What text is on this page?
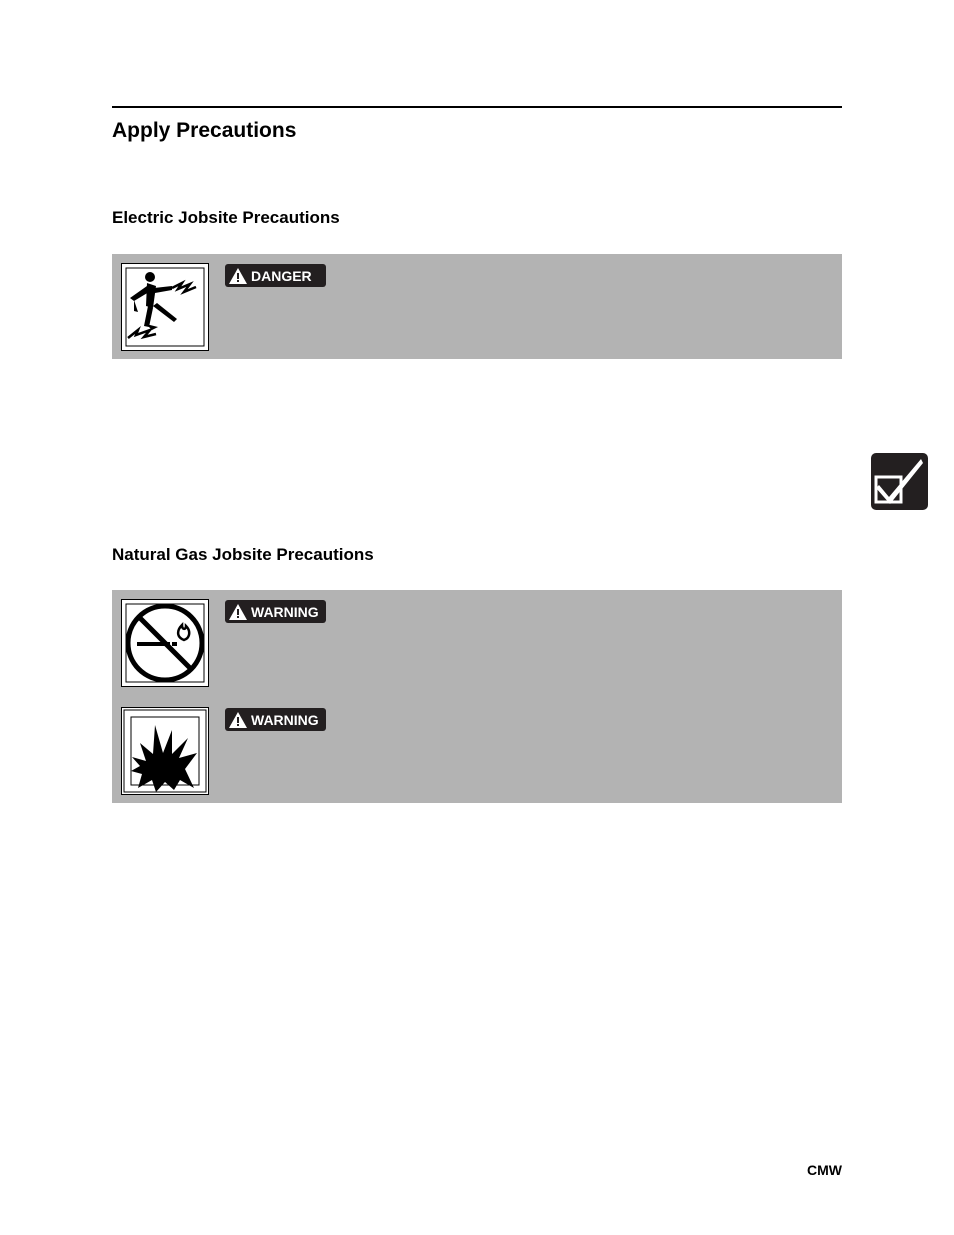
Apply Precautions
Electric Jobsite Precautions
DANGER
Natural Gas Jobsite Precautions
WARNING
WARNING
CMW
